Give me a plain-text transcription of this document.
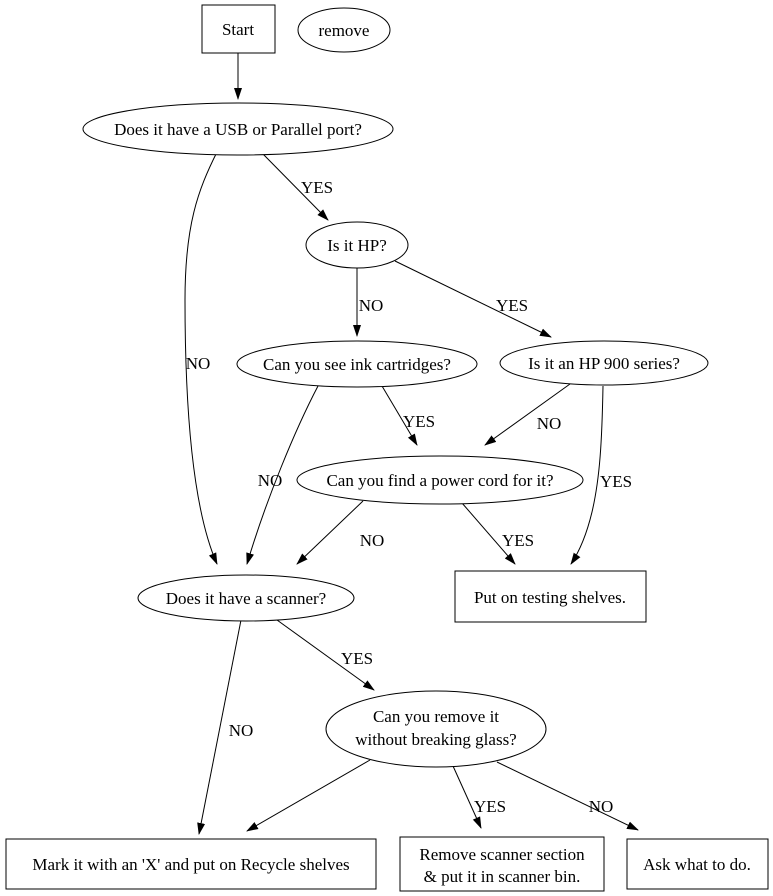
YES
NO
NO	YES
YES
NO
NO
YES
NO	YES
NO
YES
YES	NO
Start	remove
Does it have a USB or Parallel port?
Is it HP?
Can you see ink cartridges?	Is it an HP 900 series?
Can you find a power cord for it?
Does it have a scanner?	Put on testing shelves.
Can you remove it
without breaking glass?
Mark it with an 'X' and put on Recycle shelves
Remove scanner section
& put it in scanner bin.
Ask what to do.
